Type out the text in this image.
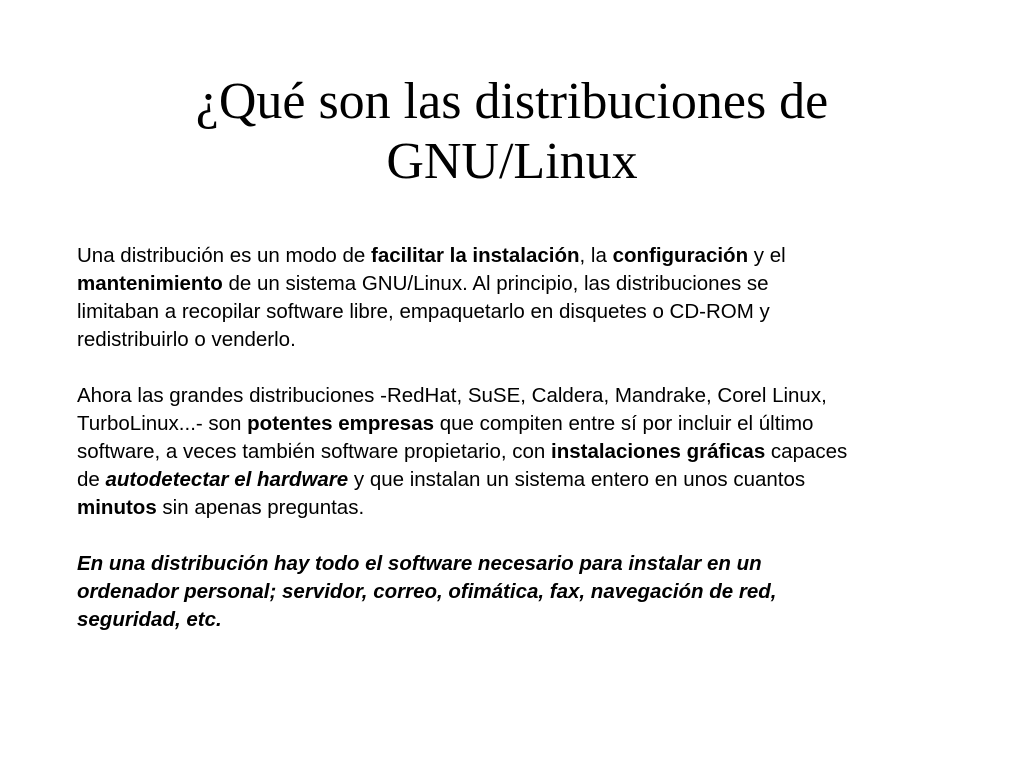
¿Qué son las distribuciones de
GNU/Linux

Una distribución es un modo de facilitar la instalación, la configuración y el
mantenimiento de un sistema GNU/Linux. Al principio, las distribuciones se
limitaban a recopilar software libre, empaquetarlo en disquetes o CD-ROM y
redistribuirlo o venderlo.

Ahora las grandes distribuciones -RedHat, SuSE, Caldera, Mandrake, Corel Linux,
TurboLinux...- son potentes empresas que compiten entre sí por incluir el último
software, a veces también software propietario, con instalaciones gráficas capaces
de autodetectar el hardware y que instalan un sistema entero en unos cuantos
minutos sin apenas preguntas.

En una distribución hay todo el software necesario para instalar en un
ordenador personal; servidor, correo, ofimática, fax, navegación de red,
seguridad, etc.
